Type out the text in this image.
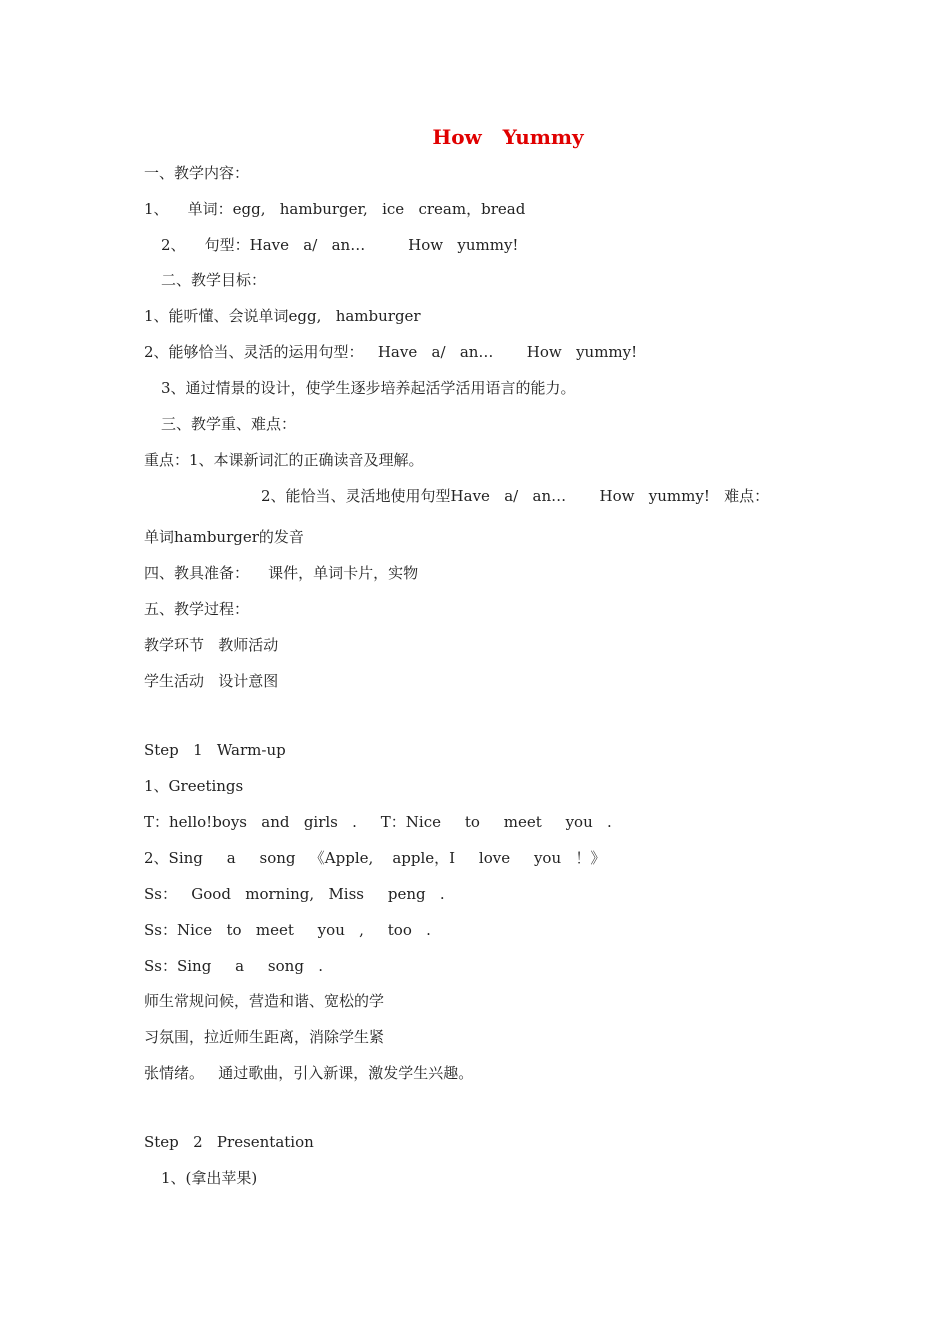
How   Yummy
一、教学内容：
1、    单词：egg,   hamburger,   ice   cream，bread
2、    句型：Have   a/   an…         How   yummy!
二、教学目标：
1、能听懂、会说单词egg,   hamburger
2、能够恰当、灵活的运用句型：   Have   a/   an…       How   yummy!
3、通过情景的设计，使学生逐步培养起活学活用语言的能力。
三、教学重、难点：
重点：1、本课新词汇的正确读音及理解。
2、能恰当、灵活地使用句型Have   a/   an…       How   yummy!   难点：
单词hamburger的发音
四、教具准备：    课件，单词卡片，实物
五、教学过程：
教学环节   教师活动
学生活动   设计意图
Step   1   Warm-up
1、Greetings
T：hello!boys   and   girls   .     T：Nice     to     meet     you   .
2、Sing     a     song   《Apple,    apple，I     love     you   ！》
Ss：   Good   morning,   Miss     peng   .
Ss：Nice   to   meet     you   ,     too   .
Ss：Sing     a     song   .
师生常规问候，营造和谐、宽松的学
习氛围，拉近师生距离，消除学生紧
张情绪。   通过歌曲，引入新课，激发学生兴趣。
Step   2   Presentation
1、(拿出苹果)
